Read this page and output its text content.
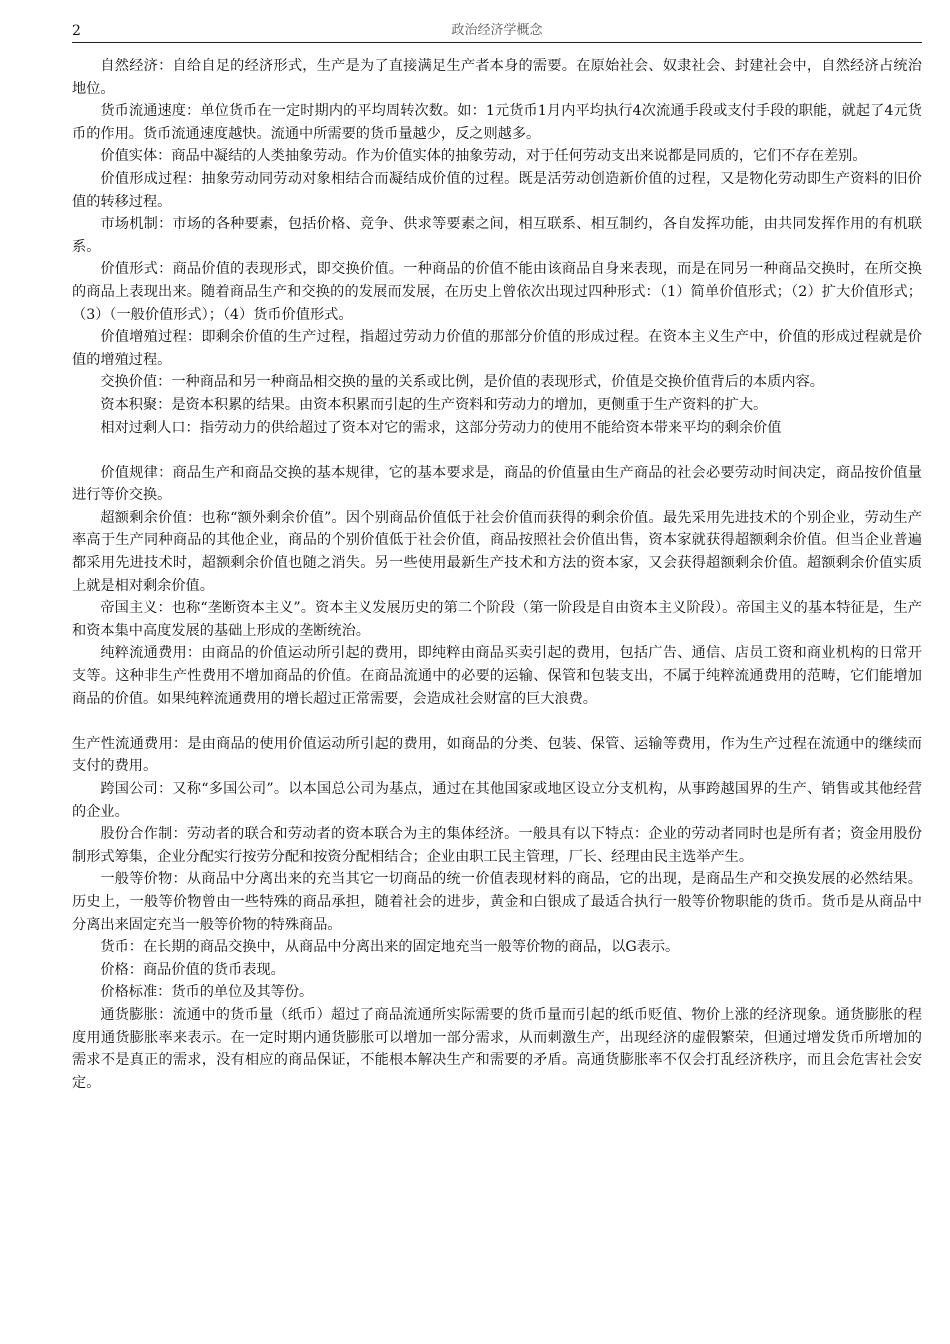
2	政治经济学概念

自然经济：自给自足的经济形式，生产是为了直接满足生产者本身的需要。在原始社会、奴隶社会、封建社会中，自然经济占统治地位。

货币流通速度：单位货币在一定时期内的平均周转次数。如：1元货币1月内平均执行4次流通手段或支付手段的职能，就起了4元货币的作用。货币流通速度越快。流通中所需要的货币量越少，反之则越多。

价值实体：商品中凝结的人类抽象劳动。作为价值实体的抽象劳动，对于任何劳动支出来说都是同质的，它们不存在差别。

价值形成过程：抽象劳动同劳动对象相结合而凝结成价值的过程。既是活劳动创造新价值的过程，又是物化劳动即生产资料的旧价值的转移过程。

市场机制：市场的各种要素，包括价格、竞争、供求等要素之间，相互联系、相互制约，各自发挥功能，由共同发挥作用的有机联系。

价值形式：商品价值的表现形式，即交换价值。一种商品的价值不能由该商品自身来表现，而是在同另一种商品交换时，在所交换的商品上表现出来。随着商品生产和交换的的发展而发展，在历史上曾依次出现过四种形式：（1）简单价值形式；（2）扩大价值形式；（3）（一般价值形式）；（4）货币价值形式。

价值增殖过程：即剩余价值的生产过程，指超过劳动力价值的那部分价值的形成过程。在资本主义生产中，价值的形成过程就是价值的增殖过程。

交换价值：一种商品和另一种商品相交换的量的关系或比例，是价值的表现形式，价值是交换价值背后的本质内容。

资本积聚：是资本积累的结果。由资本积累而引起的生产资料和劳动力的增加，更侧重于生产资料的扩大。

相对过剩人口：指劳动力的供给超过了资本对它的需求，这部分劳动力的使用不能给资本带来平均的剩余价值

价值规律：商品生产和商品交换的基本规律，它的基本要求是，商品的价值量由生产商品的社会必要劳动时间决定，商品按价值量进行等价交换。

超额剩余价值：也称“额外剩余价值”。因个别商品价值低于社会价值而获得的剩余价值。最先采用先进技术的个别企业，劳动生产率高于生产同种商品的其他企业，商品的个别价值低于社会价值，商品按照社会价值出售，资本家就获得超额剩余价值。但当企业普遍都采用先进技术时，超额剩余价值也随之消失。另一些使用最新生产技术和方法的资本家，又会获得超额剩余价值。超额剩余价值实质上就是相对剩余价值。

帝国主义：也称“垄断资本主义”。资本主义发展历史的第二个阶段（第一阶段是自由资本主义阶段）。帝国主义的基本特征是，生产和资本集中高度发展的基础上形成的垄断统治。

纯粹流通费用：由商品的价值运动所引起的费用，即纯粹由商品买卖引起的费用，包括广告、通信、店员工资和商业机构的日常开支等。这种非生产性费用不增加商品的价值。在商品流通中的必要的运输、保管和包装支出，不属于纯粹流通费用的范畴，它们能增加商品的价值。如果纯粹流通费用的增长超过正常需要，会造成社会财富的巨大浪费。

生产性流通费用：是由商品的使用价值运动所引起的费用，如商品的分类、包装、保管、运输等费用，作为生产过程在流通中的继续而支付的费用。

跨国公司：又称“多国公司”。以本国总公司为基点，通过在其他国家或地区设立分支机构，从事跨越国界的生产、销售或其他经营的企业。

股份合作制：劳动者的联合和劳动者的资本联合为主的集体经济。一般具有以下特点：企业的劳动者同时也是所有者；资金用股份制形式筹集，企业分配实行按劳分配和按资分配相结合；企业由职工民主管理，厂长、经理由民主选举产生。

一般等价物：从商品中分离出来的充当其它一切商品的统一价值表现材料的商品，它的出现，是商品生产和交换发展的必然结果。历史上，一般等价物曾由一些特殊的商品承担，随着社会的进步，黄金和白银成了最适合执行一般等价物职能的货币。货币是从商品中分离出来固定充当一般等价物的特殊商品。

货币：在长期的商品交换中，从商品中分离出来的固定地充当一般等价物的商品，以G表示。

价格：商品价值的货币表现。

价格标准：货币的单位及其等份。

通货膨胀：流通中的货币量（纸币）超过了商品流通所实际需要的货币量而引起的纸币贬值、物价上涨的经济现象。通货膨胀的程度用通货膨胀率来表示。在一定时期内通货膨胀可以增加一部分需求，从而刺激生产，出现经济的虚假繁荣，但通过增发货币所增加的需求不是真正的需求，没有相应的商品保证，不能根本解决生产和需要的矛盾。高通货膨胀率不仅会打乱经济秩序，而且会危害社会安定。
